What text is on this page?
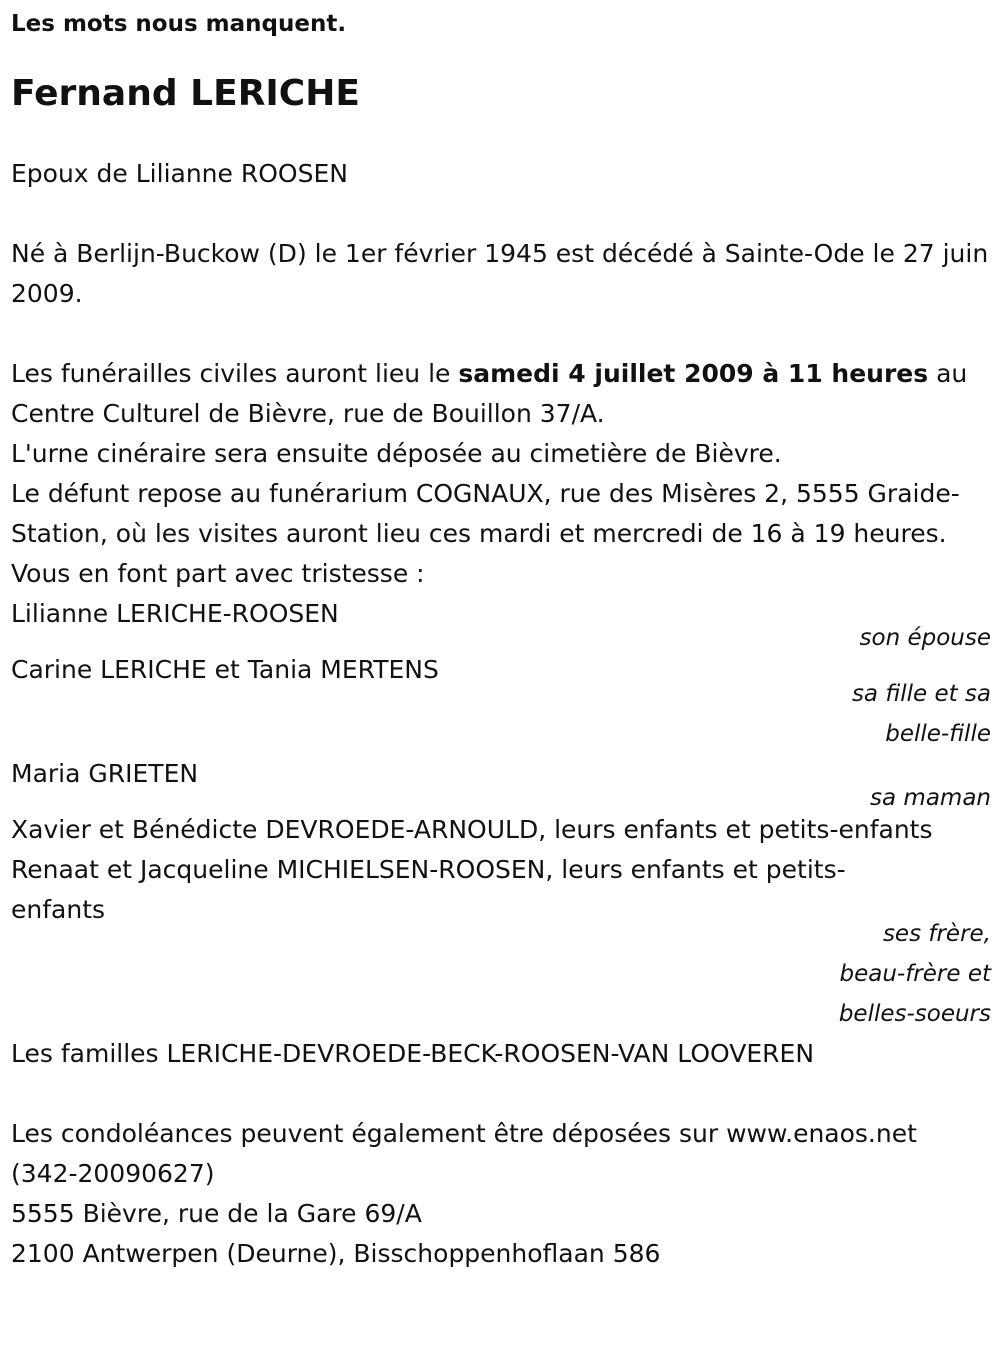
Les mots nous manquent.

Fernand LERICHE

Epoux de Lilianne ROOSEN

Né à Berlijn-Buckow (D) le 1er février 1945 est décédé à Sainte-Ode le 27 juin 2009.

Les funérailles civiles auront lieu le samedi 4 juillet 2009 à 11 heures au Centre Culturel de Bièvre, rue de Bouillon 37/A.

L'urne cinéraire sera ensuite déposée au cimetière de Bièvre.

Le défunt repose au funérarium COGNAUX, rue des Misères 2, 5555 Graide-Station, où les visites auront lieu ces mardi et mercredi de 16 à 19 heures.

Vous en font part avec tristesse :

Lilianne LERICHE-ROOSEN

son épouse

Carine LERICHE et Tania MERTENS

sa fille et sa belle-fille

Maria GRIETEN

sa maman

Xavier et Bénédicte DEVROEDE-ARNOULD, leurs enfants et petits-enfants

Renaat et Jacqueline MICHIELSEN-ROOSEN, leurs enfants et petits-enfants

ses frère, beau-frère et belles-soeurs

Les familles LERICHE-DEVROEDE-BECK-ROOSEN-VAN LOOVEREN

Les condoléances peuvent également être déposées sur www.enaos.net

(342-20090627)

5555 Bièvre, rue de la Gare 69/A

2100 Antwerpen (Deurne), Bisschoppenhoflaan 586
